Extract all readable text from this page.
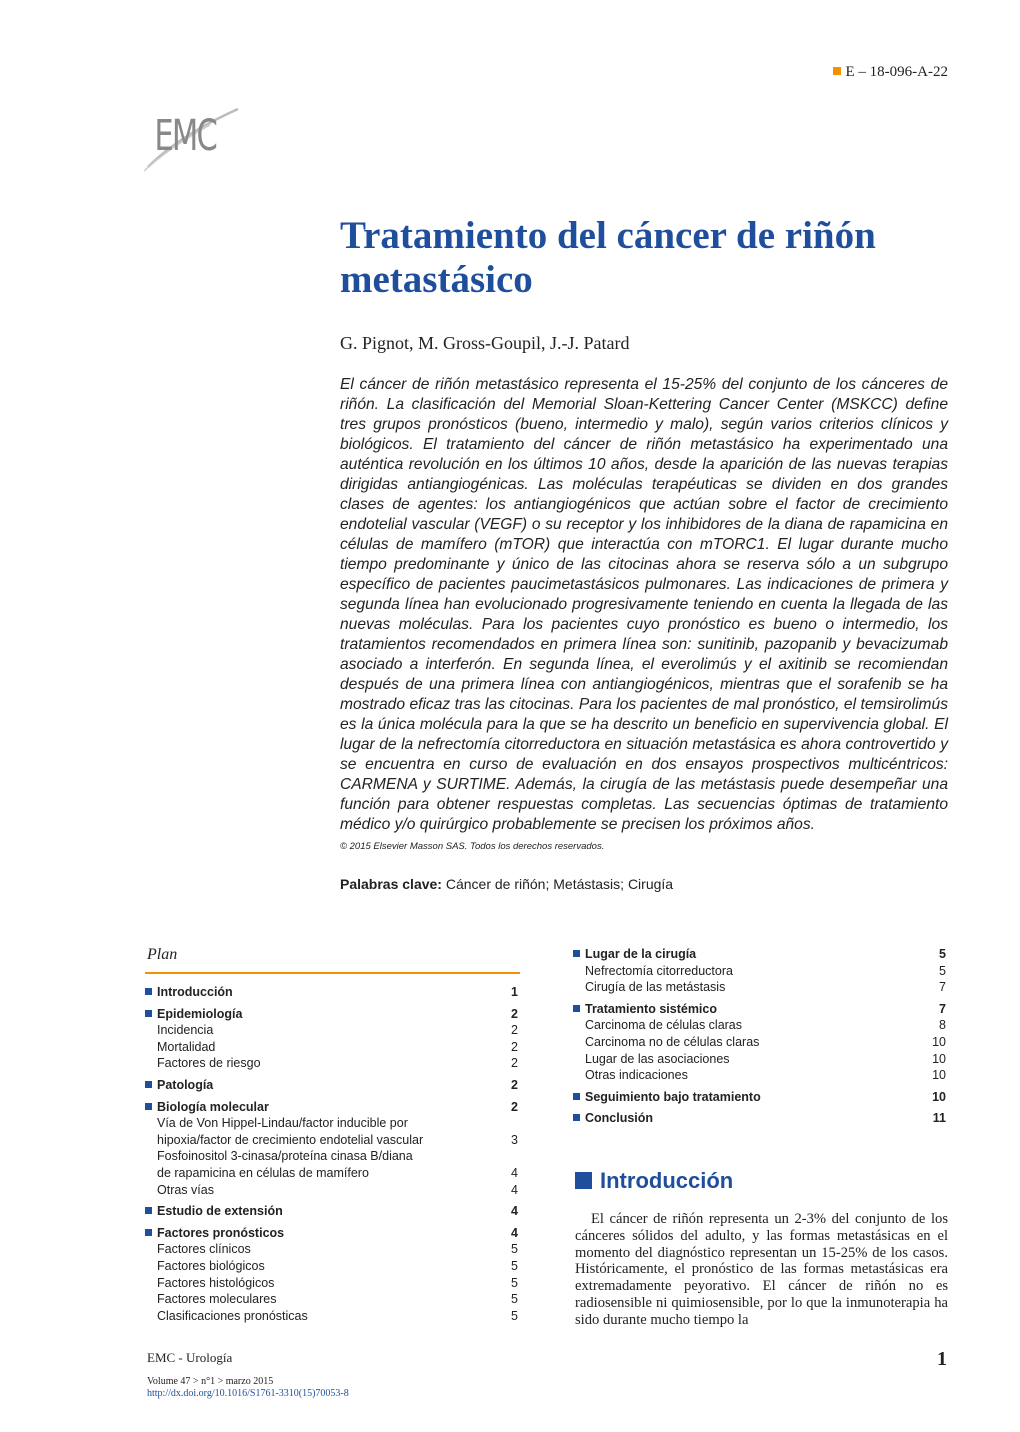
E – 18-096-A-22
EMC
Tratamiento del cáncer de riñón metastásico
G. Pignot, M. Gross-Goupil, J.-J. Patard
El cáncer de riñón metastásico representa el 15-25% del conjunto de los cánceres de riñón. La clasificación del Memorial Sloan-Kettering Cancer Center (MSKCC) define tres grupos pronósticos (bueno, intermedio y malo), según varios criterios clínicos y biológicos. El tratamiento del cáncer de riñón metastásico ha experimentado una auténtica revolución en los últimos 10 años, desde la aparición de las nuevas terapias dirigidas antiangiogénicas. Las moléculas terapéuticas se dividen en dos grandes clases de agentes: los antiangiogénicos que actúan sobre el factor de crecimiento endotelial vascular (VEGF) o su receptor y los inhibidores de la diana de rapamicina en células de mamífero (mTOR) que interactúa con mTORC1. El lugar durante mucho tiempo predominante y único de las citocinas ahora se reserva sólo a un subgrupo específico de pacientes paucimetastásicos pulmonares. Las indicaciones de primera y segunda línea han evolucionado progresivamente teniendo en cuenta la llegada de las nuevas moléculas. Para los pacientes cuyo pronóstico es bueno o intermedio, los tratamientos recomendados en primera línea son: sunitinib, pazopanib y bevacizumab asociado a interferón. En segunda línea, el everolimús y el axitinib se recomiendan después de una primera línea con antiangiogénicos, mientras que el sorafenib se ha mostrado eficaz tras las citocinas. Para los pacientes de mal pronóstico, el temsirolimús es la única molécula para la que se ha descrito un beneficio en supervivencia global. El lugar de la nefrectomía citorreductora en situación metastásica es ahora controvertido y se encuentra en curso de evaluación en dos ensayos prospectivos multicéntricos: CARMENA y SURTIME. Además, la cirugía de las metástasis puede desempeñar una función para obtener respuestas completas. Las secuencias óptimas de tratamiento médico y/o quirúrgico probablemente se precisen los próximos años.
© 2015 Elsevier Masson SAS. Todos los derechos reservados.
Palabras clave: Cáncer de riñón; Metástasis; Cirugía
Plan
Introducción	1
Epidemiología	2
Incidencia	2
Mortalidad	2
Factores de riesgo	2
Patología	2
Biología molecular	2
Vía de Von Hippel-Lindau/factor inducible por
hipoxia/factor de crecimiento endotelial vascular	3
Fosfoinositol 3-cinasa/proteína cinasa B/diana
de rapamicina en células de mamífero	4
Otras vías	4
Estudio de extensión	4
Factores pronósticos	4
Factores clínicos	5
Factores biológicos	5
Factores histológicos	5
Factores moleculares	5
Clasificaciones pronósticas	5
Lugar de la cirugía	5
Nefrectomía citorreductora	5
Cirugía de las metástasis	7
Tratamiento sistémico	7
Carcinoma de células claras	8
Carcinoma no de células claras	10
Lugar de las asociaciones	10
Otras indicaciones	10
Seguimiento bajo tratamiento	10
Conclusión	11
Introducción
El cáncer de riñón representa un 2-3% del conjunto de los cánceres sólidos del adulto, y las formas metastásicas en el momento del diagnóstico representan un 15-25% de los casos. Históricamente, el pronóstico de las formas metastásicas era extremadamente peyorativo. El cáncer de riñón no es radiosensible ni quimiosensible, por lo que la inmunoterapia ha sido durante mucho tiempo la
EMC - Urología	1
Volume 47 > n°1 > marzo 2015
http://dx.doi.org/10.1016/S1761-3310(15)70053-8
